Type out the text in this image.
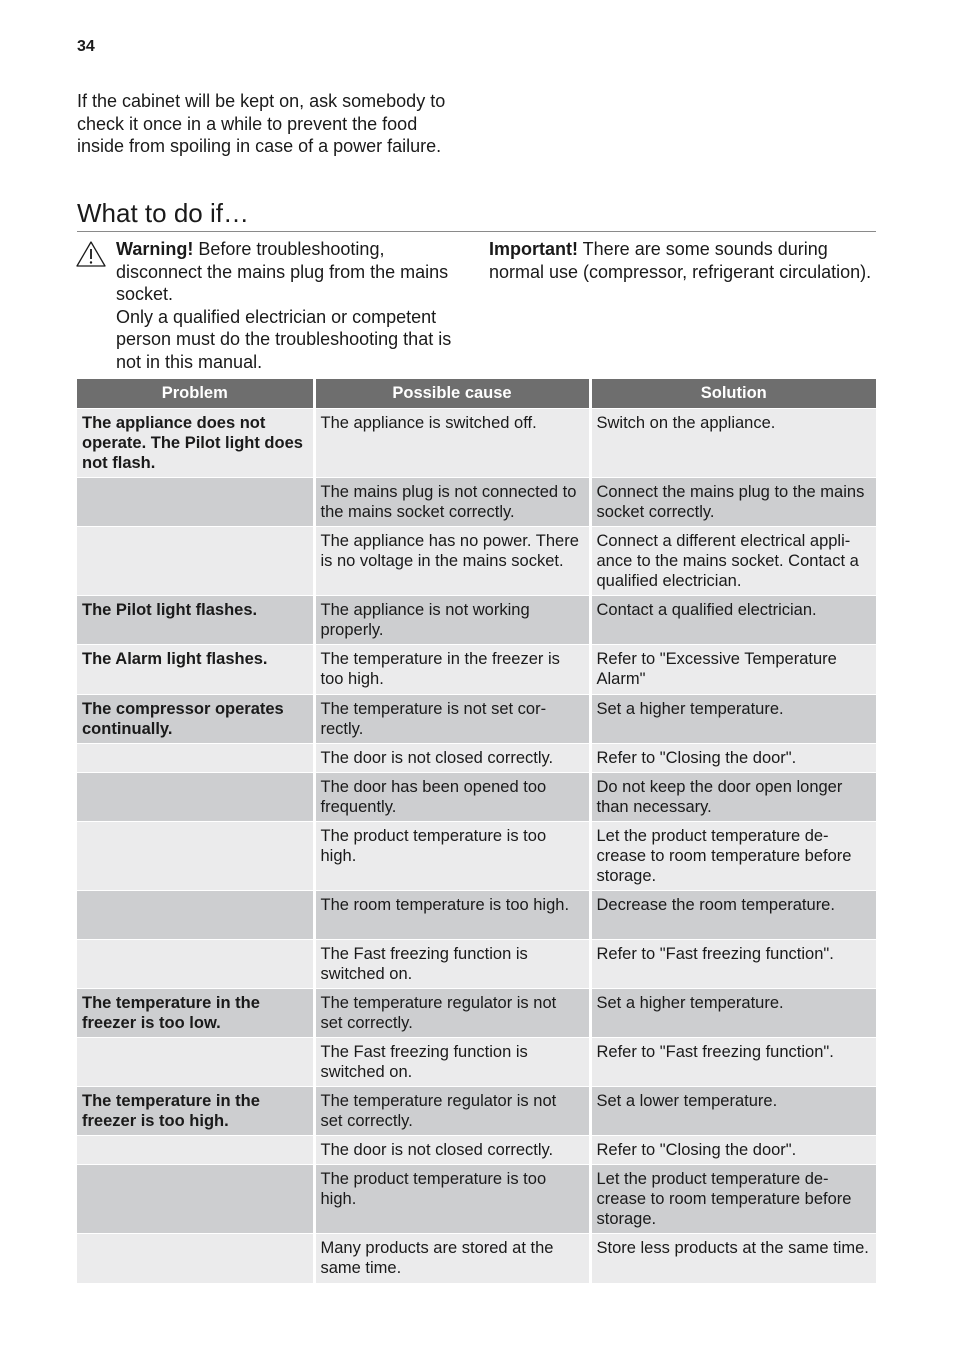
34
If the cabinet will be kept on, ask somebody to check it once in a while to prevent the food inside from spoiling in case of a power failure.
What to do if…
Warning! Before troubleshooting, disconnect the mains plug from the mains socket.
Only a qualified electrician or competent person must do the troubleshooting that is not in this manual.
Important! There are some sounds during normal use (compressor, refrigerant circulation).
Problem	Possible cause	Solution
The appliance does not operate. The Pilot light does not flash.	The appliance is switched off.	Switch on the appliance.
	The mains plug is not connected to the mains socket correctly.	Connect the mains plug to the mains socket correctly.
	The appliance has no power. There is no voltage in the mains socket.	Connect a different electrical appli-ance to the mains socket. Contact a qualified electrician.
The Pilot light flashes.	The appliance is not working properly.	Contact a qualified electrician.
The Alarm light flashes.	The temperature in the freezer is too high.	Refer to "Excessive Temperature Alarm"
The compressor operates continually.	The temperature is not set cor-rectly.	Set a higher temperature.
	The door is not closed correctly.	Refer to "Closing the door".
	The door has been opened too frequently.	Do not keep the door open longer than necessary.
	The product temperature is too high.	Let the product temperature de-crease to room temperature before storage.
	The room temperature is too high.	Decrease the room temperature.
	The Fast freezing function is switched on.	Refer to "Fast freezing function".
The temperature in the freezer is too low.	The temperature regulator is not set correctly.	Set a higher temperature.
	The Fast freezing function is switched on.	Refer to "Fast freezing function".
The temperature in the freezer is too high.	The temperature regulator is not set correctly.	Set a lower temperature.
	The door is not closed correctly.	Refer to "Closing the door".
	The product temperature is too high.	Let the product temperature de-crease to room temperature before storage.
	Many products are stored at the same time.	Store less products at the same time.
